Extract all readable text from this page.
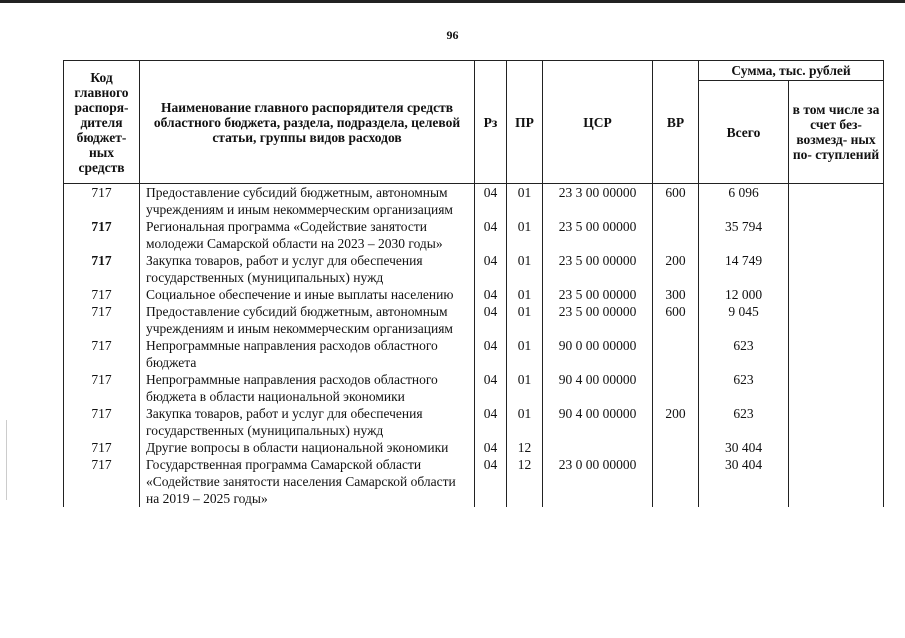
96
Код главного распоря- дителя бюджет- ных средств	Наименование главного распорядителя средств областного бюджета, раздела, подраздела, целевой статьи, группы видов расходов	Рз	ПР	ЦСР	ВР	Сумма, тыс. рублей	
						Всего	в том числе за счет без- возмезд- ных по- ступлений
717	Предоставление субсидий бюджетным, автономным учреждениям и иным некоммерческим организациям	04	01	23 3 00 00000	600	6 096	
717	Региональная программа «Содействие занятости молодежи Самарской области на 2023 – 2030 годы»	04	01	23 5 00 00000		35 794	
717	Закупка товаров, работ и услуг для обеспечения государственных (муниципальных) нужд	04	01	23 5 00 00000	200	14 749	
717	Социальное обеспечение и иные выплаты населению	04	01	23 5 00 00000	300	12 000	
717	Предоставление субсидий бюджетным, автономным учреждениям и иным некоммерческим организациям	04	01	23 5 00 00000	600	9 045	
717	Непрограммные направления расходов областного бюджета	04	01	90 0 00 00000		623	
717	Непрограммные направления расходов областного бюджета в области национальной экономики	04	01	90 4 00 00000		623	
717	Закупка товаров, работ и услуг для обеспечения государственных (муниципальных) нужд	04	01	90 4 00 00000	200	623	
717	Другие вопросы в области национальной экономики	04	12			30 404	
717	Государственная программа Самарской области «Содействие занятости населения Самарской области на 2019 – 2025 годы»	04	12	23 0 00 00000		30 404	
